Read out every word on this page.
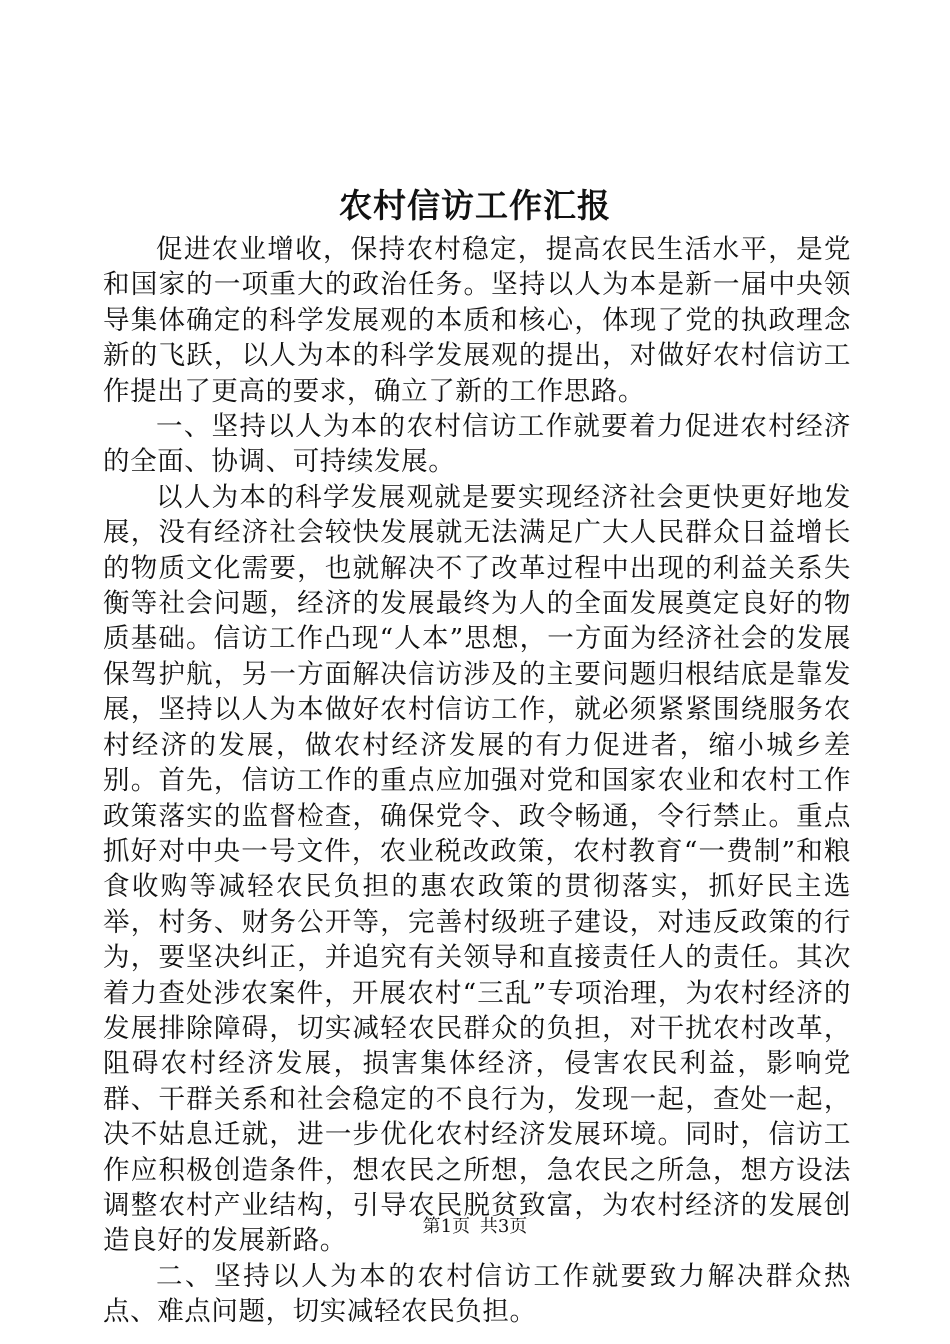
农村信访工作汇报

促进农业增收，保持农村稳定，提高农民生活水平，是党和国家的一项重大的政治任务。坚持以人为本是新一届中央领导集体确定的科学发展观的本质和核心，体现了党的执政理念新的飞跃，以人为本的科学发展观的提出，对做好农村信访工作提出了更高的要求，确立了新的工作思路。

一、坚持以人为本的农村信访工作就要着力促进农村经济的全面、协调、可持续发展。

以人为本的科学发展观就是要实现经济社会更快更好地发展，没有经济社会较快发展就无法满足广大人民群众日益增长的物质文化需要，也就解决不了改革过程中出现的利益关系失衡等社会问题，经济的发展最终为人的全面发展奠定良好的物质基础。信访工作凸现“人本”思想，一方面为经济社会的发展保驾护航，另一方面解决信访涉及的主要问题归根结底是靠发展，坚持以人为本做好农村信访工作，就必须紧紧围绕服务农村经济的发展，做农村经济发展的有力促进者，缩小城乡差别。首先，信访工作的重点应加强对党和国家农业和农村工作政策落实的监督检查，确保党令、政令畅通，令行禁止。重点抓好对中央一号文件，农业税改政策，农村教育“一费制”和粮食收购等减轻农民负担的惠农政策的贯彻落实，抓好民主选举，村务、财务公开等，完善村级班子建设，对违反政策的行为，要坚决纠正，并追究有关领导和直接责任人的责任。其次着力查处涉农案件，开展农村“三乱”专项治理，为农村经济的发展排除障碍，切实减轻农民群众的负担，对干扰农村改革，阻碍农村经济发展，损害集体经济，侵害农民利益，影响党群、干群关系和社会稳定的不良行为，发现一起，查处一起，决不姑息迁就，进一步优化农村经济发展环境。同时，信访工作应积极创造条件，想农民之所想，急农民之所急，想方设法调整农村产业结构，引导农民脱贫致富，为农村经济的发展创造良好的发展新路。

二、坚持以人为本的农村信访工作就要致力解决群众热点、难点问题，切实减轻农民负担。

第1页 共3页
